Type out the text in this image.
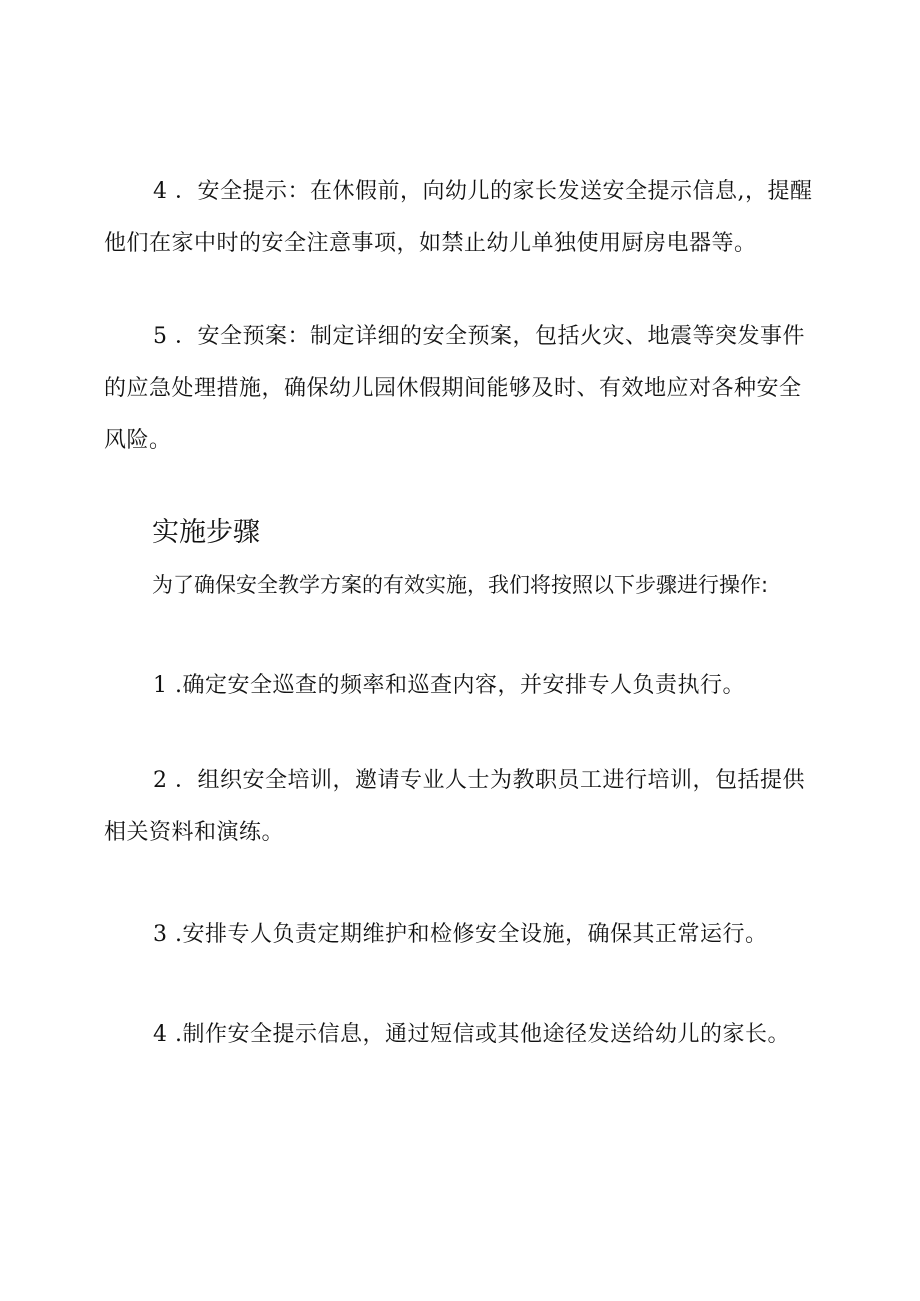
4 ．安全提示：在休假前，向幼儿的家长发送安全提示信息,，提醒他们在家中时的安全注意事项，如禁止幼儿单独使用厨房电器等。

5 ．安全预案：制定详细的安全预案，包括火灾、地震等突发事件的应急处理措施，确保幼儿园休假期间能够及时、有效地应对各种安全风险。

实施步骤

为了确保安全教学方案的有效实施，我们将按照以下步骤进行操作:

1 .确定安全巡查的频率和巡查内容，并安排专人负责执行。

2 ．组织安全培训，邀请专业人士为教职员工进行培训，包括提供相关资料和演练。

3 .安排专人负责定期维护和检修安全设施，确保其正常运行。

4 .制作安全提示信息，通过短信或其他途径发送给幼儿的家长。
